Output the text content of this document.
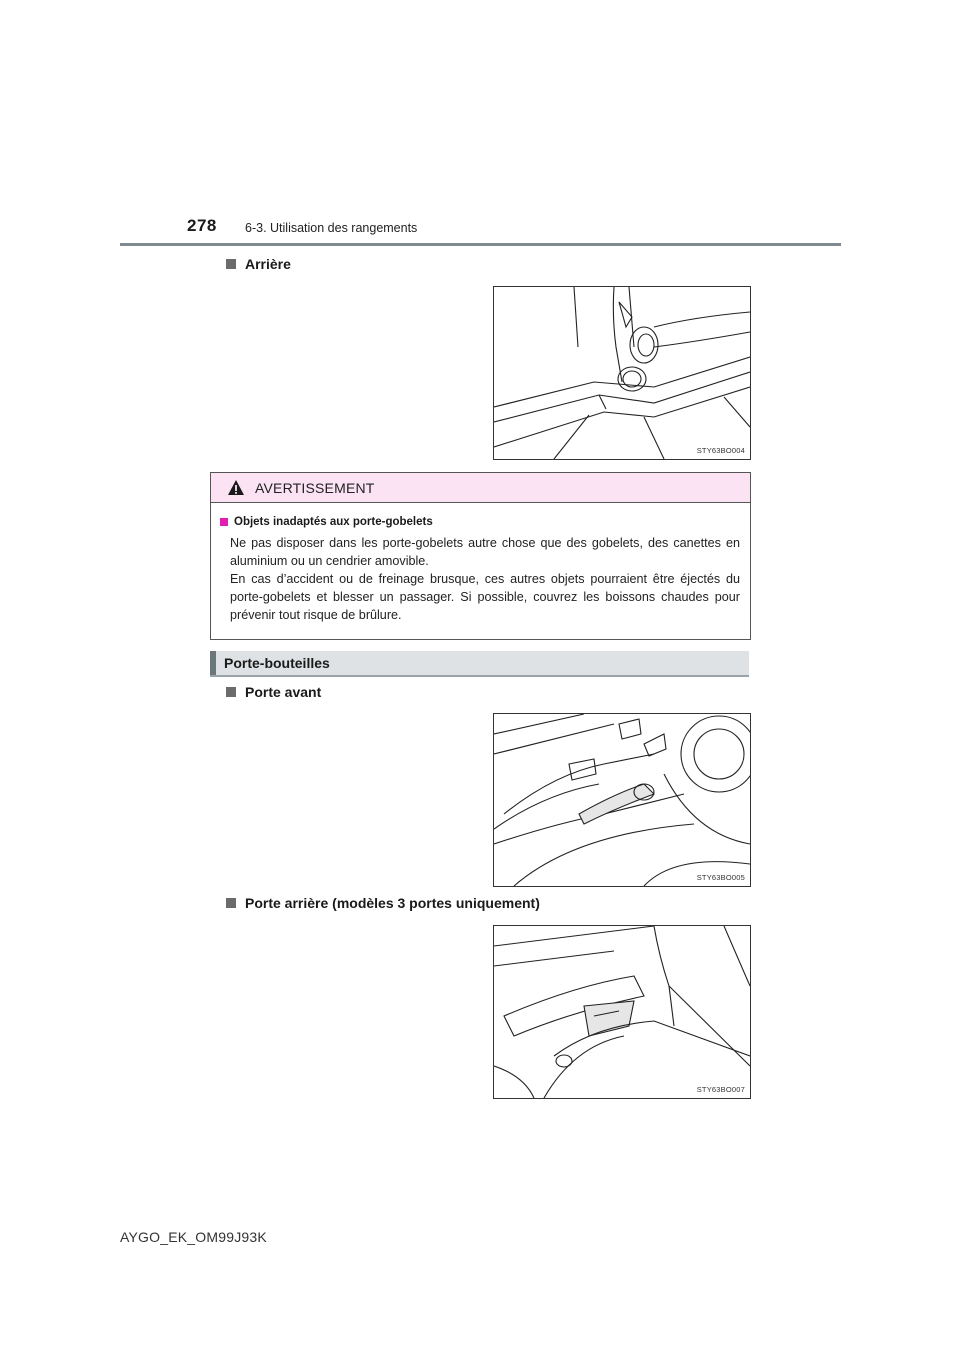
278 6-3. Utilisation des rangements
Arrière
STY63BO004
AVERTISSEMENT
Objets inadaptés aux porte-gobelets

Ne pas disposer dans les porte-gobelets autre chose que des gobelets, des canettes en aluminium ou un cendrier amovible.

En cas d’accident ou de freinage brusque, ces autres objets pourraient être éjectés du porte-gobelets et blesser un passager. Si possible, couvrez les boissons chaudes pour prévenir tout risque de brûlure.

Porte-bouteilles
Porte avant
STY63BO005
Porte arrière (modèles 3 portes uniquement)
STY63BO007
AYGO_EK_OM99J93K
